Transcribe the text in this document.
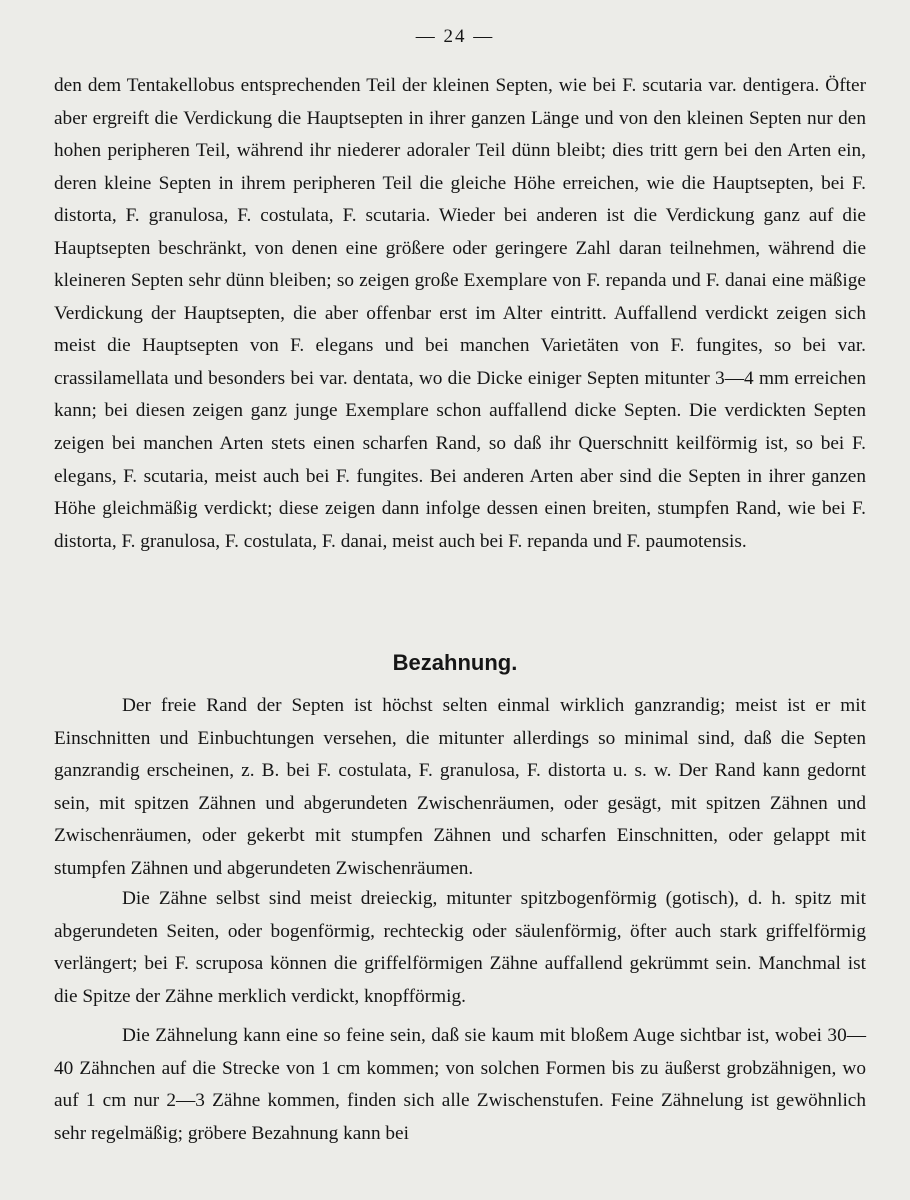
— 24 —

den dem Tentakellobus entsprechenden Teil der kleinen Septen, wie bei F. scutaria var. dentigera. Öfter aber ergreift die Verdickung die Hauptsepten in ihrer ganzen Länge und von den kleinen Septen nur den hohen peripheren Teil, während ihr niederer adoraler Teil dünn bleibt; dies tritt gern bei den Arten ein, deren kleine Septen in ihrem peripheren Teil die gleiche Höhe erreichen, wie die Hauptsepten, bei F. distorta, F. granulosa, F. costulata, F. scutaria. Wieder bei anderen ist die Verdickung ganz auf die Hauptsepten beschränkt, von denen eine größere oder geringere Zahl daran teilnehmen, während die kleineren Septen sehr dünn bleiben; so zeigen große Exemplare von F. repanda und F. danai eine mäßige Verdickung der Hauptsepten, die aber offenbar erst im Alter eintritt. Auffallend verdickt zeigen sich meist die Hauptsepten von F. elegans und bei manchen Varietäten von F. fungites, so bei var. crassilamellata und besonders bei var. dentata, wo die Dicke einiger Septen mitunter 3—4 mm erreichen kann; bei diesen zeigen ganz junge Exemplare schon auffallend dicke Septen. Die verdickten Septen zeigen bei manchen Arten stets einen scharfen Rand, so daß ihr Querschnitt keilförmig ist, so bei F. elegans, F. scutaria, meist auch bei F. fungites. Bei anderen Arten aber sind die Septen in ihrer ganzen Höhe gleichmäßig verdickt; diese zeigen dann infolge dessen einen breiten, stumpfen Rand, wie bei F. distorta, F. granulosa, F. costulata, F. danai, meist auch bei F. repanda und F. paumotensis.

Bezahnung.

Der freie Rand der Septen ist höchst selten einmal wirklich ganzrandig; meist ist er mit Einschnitten und Einbuchtungen versehen, die mitunter allerdings so minimal sind, daß die Septen ganzrandig erscheinen, z. B. bei F. costulata, F. granulosa, F. distorta u. s. w. Der Rand kann gedornt sein, mit spitzen Zähnen und abgerundeten Zwischenräumen, oder gesägt, mit spitzen Zähnen und Zwischenräumen, oder gekerbt mit stumpfen Zähnen und scharfen Einschnitten, oder gelappt mit stumpfen Zähnen und abgerundeten Zwischenräumen.

Die Zähne selbst sind meist dreieckig, mitunter spitzbogenförmig (gotisch), d. h. spitz mit abgerundeten Seiten, oder bogenförmig, rechteckig oder säulenförmig, öfter auch stark griffelförmig verlängert; bei F. scruposa können die griffelförmigen Zähne auffallend gekrümmt sein. Manchmal ist die Spitze der Zähne merklich verdickt, knopfförmig.

Die Zähnelung kann eine so feine sein, daß sie kaum mit bloßem Auge sichtbar ist, wobei 30—40 Zähnchen auf die Strecke von 1 cm kommen; von solchen Formen bis zu äußerst grobzähnigen, wo auf 1 cm nur 2—3 Zähne kommen, finden sich alle Zwischenstufen. Feine Zähnelung ist gewöhnlich sehr regelmäßig; gröbere Bezahnung kann bei
